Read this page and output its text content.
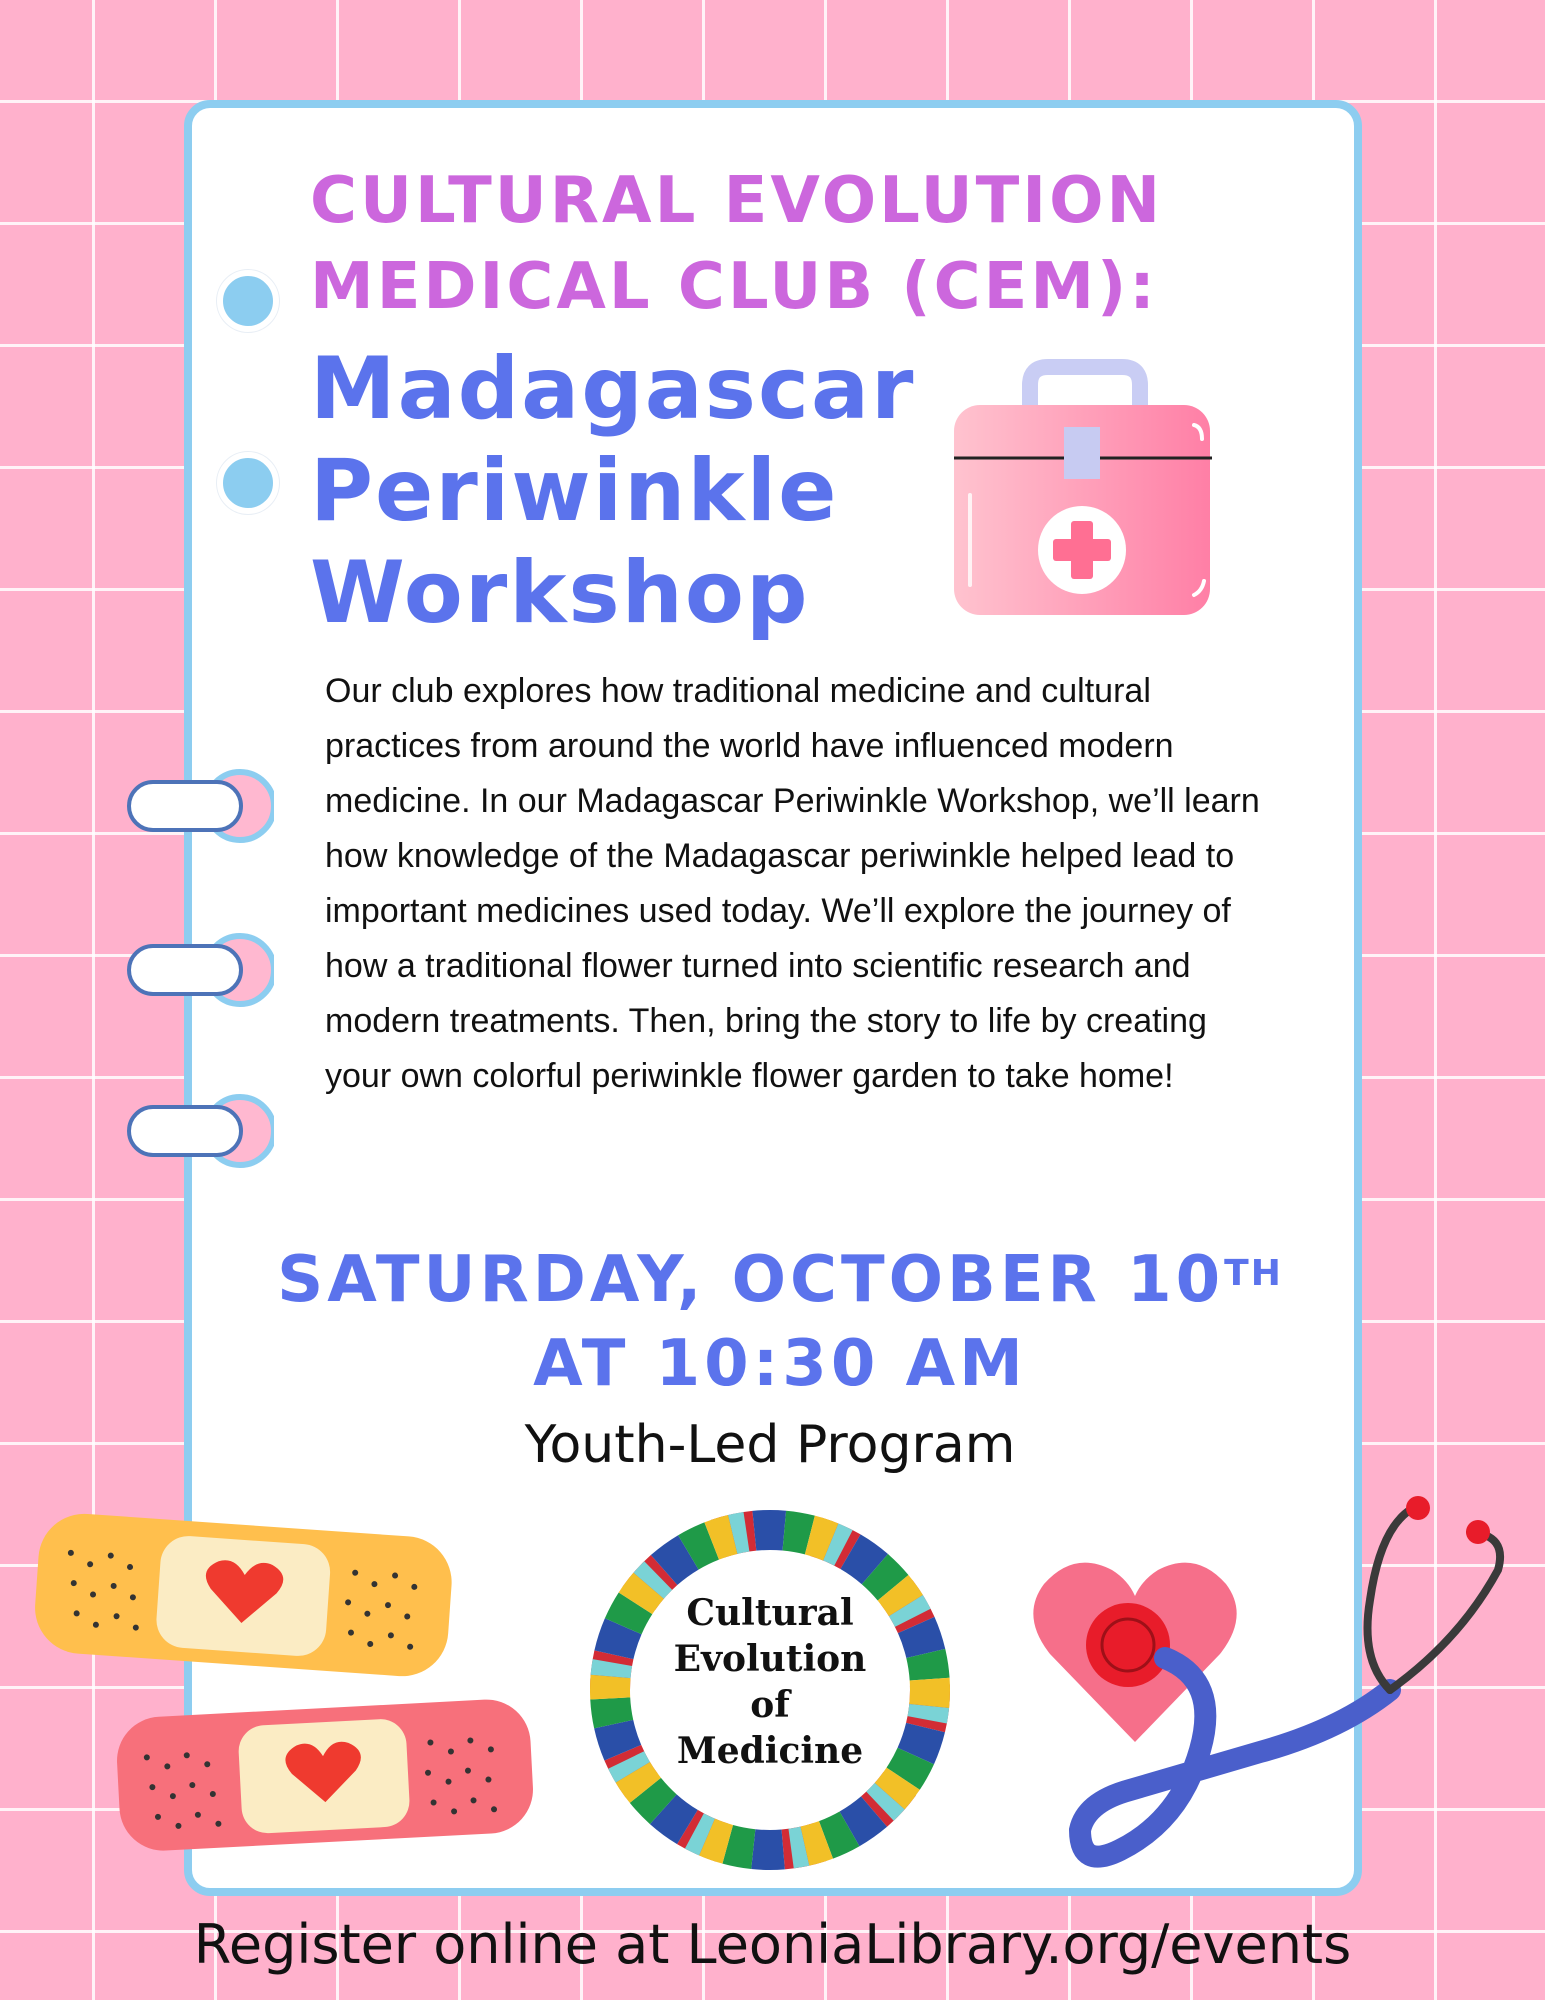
CULTURAL EVOLUTION
MEDICAL CLUB (CEM):
Madagascar
Periwinkle
Workshop
Our club explores how traditional medicine and cultural practices from around the world have influenced modern medicine. In our Madagascar Periwinkle Workshop, we’ll learn how knowledge of the Madagascar periwinkle helped lead to important medicines used today. We’ll explore the journey of how a traditional flower turned into scientific research and modern treatments. Then, bring the story to life by creating your own colorful periwinkle flower garden to take home!
SATURDAY, OCTOBER 10TH
AT 10:30 AM
Youth-Led Program
Cultural
Evolution
of
Medicine
Register online at LeoniaLibrary.org/events
